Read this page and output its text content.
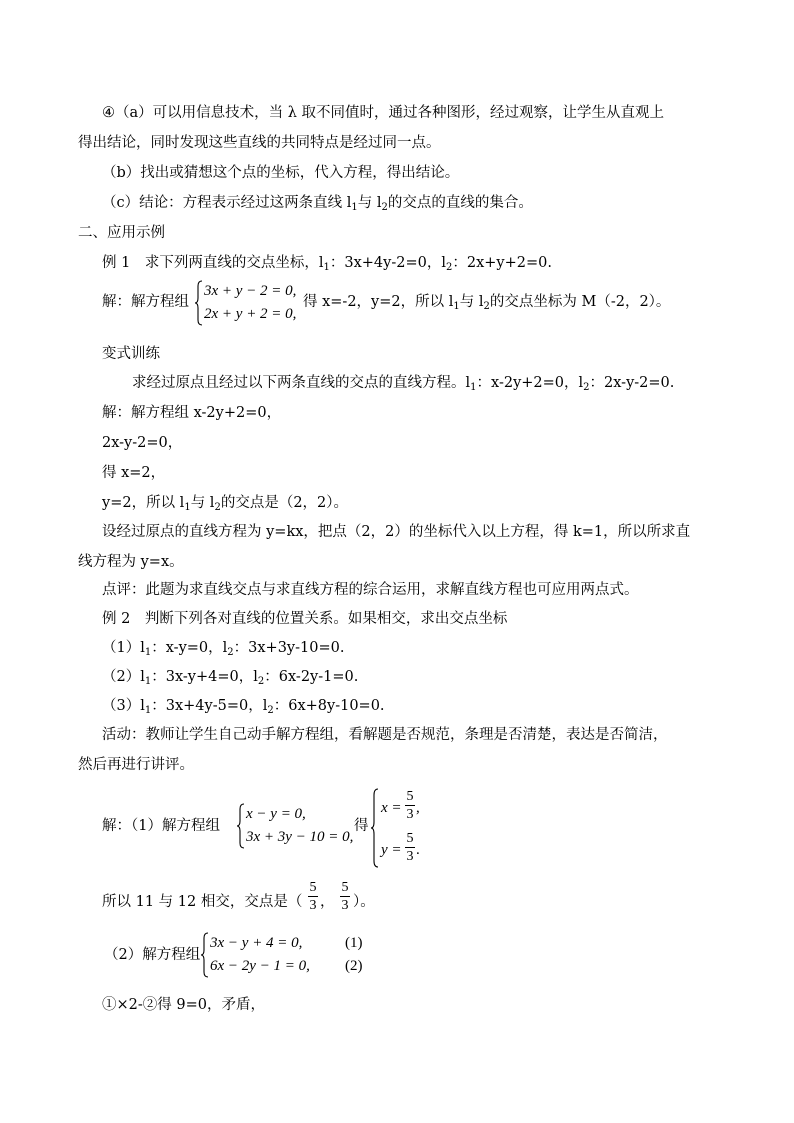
④（a）可以用信息技术，当 λ 取不同值时，通过各种图形，经过观察，让学生从直观上
得出结论，同时发现这些直线的共同特点是经过同一点。
（b）找出或猜想这个点的坐标，代入方程，得出结论。
（c）结论：方程表示经过这两条直线 $l_1$与 $l_2$的交点的直线的集合。
二、应用示例
例 1　求下列两直线的交点坐标，$l_1$：3x+4y-2=0，$l_2$：2x+y+2=0.
解：解方程组
3x + y − 2 = 0,
2x + y + 2 = 0,
得 x=-2，y=2，所以 $l_1$与 $l_2$的交点坐标为 M（-2，2）。
变式训练
求经过原点且经过以下两条直线的交点的直线方程。$l_1$：x-2y+2=0，$l_2$：2x-y-2=0.
解：解方程组 x-2y+2=0，
2x-y-2=0，
得 x=2，
y=2，所以 $l_1$与 $l_2$的交点是（2，2）。
设经过原点的直线方程为 y=kx，把点（2，2）的坐标代入以上方程，得 k=1，所以所求直
线方程为 y=x。
点评：此题为求直线交点与求直线方程的综合运用，求解直线方程也可应用两点式。
例 2　判断下列各对直线的位置关系。如果相交，求出交点坐标
$(1)l_1$：x-y=0，$l_2$：3x+3y-10=0.
$(2)l_1$：3x-y+4=0，$l_2$：6x-2y-1=0.
$(3)l_1$：3x+4y-5=0，$l_2$：6x+8y-10=0.
活动：教师让学生自己动手解方程组，看解题是否规范，条理是否清楚，表达是否简洁，
然后再进行讲评。
解：（1）解方程组
x − y = 0,
3x + 3y − 10 = 0,
得
x =
5
3 ,
y =
5
3 .
所以 11 与 12 相交，交点是（
5
3 ，
5
3 ）。
（2）解方程组
3x − y + 4 = 0,
6x − 2y − 1 = 0,
(1)
(2)
①×2-②得 9=0，矛盾，
